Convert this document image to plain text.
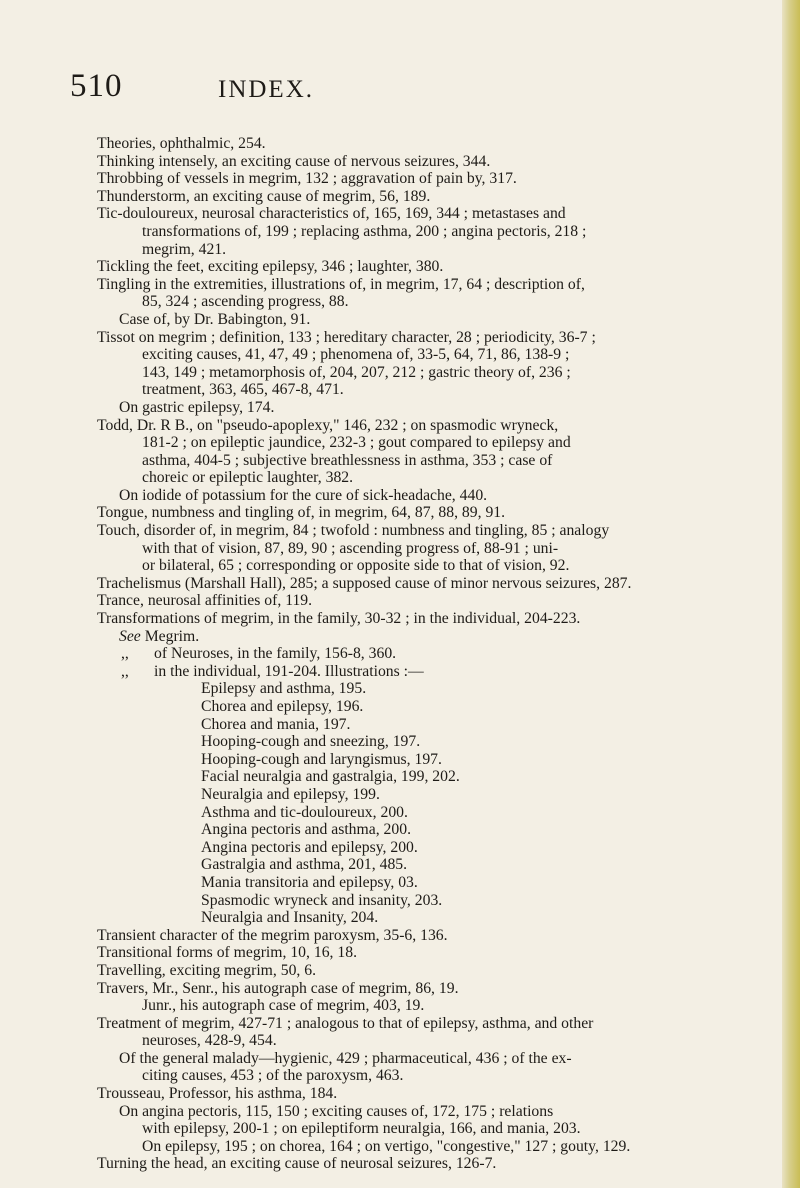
510	INDEX.
Theories, ophthalmic, 254.
Thinking intensely, an exciting cause of nervous seizures, 344.
Throbbing of vessels in megrim, 132 ; aggravation of pain by, 317.
Thunderstorm, an exciting cause of megrim, 56, 189.
Tic-douloureux, neurosal characteristics of, 165, 169, 344 ; metastases and
transformations of, 199 ; replacing asthma, 200 ; angina pectoris, 218 ;
megrim, 421.
Tickling the feet, exciting epilepsy, 346 ; laughter, 380.
Tingling in the extremities, illustrations of, in megrim, 17, 64 ; description of,
85, 324 ; ascending progress, 88.
Case of, by Dr. Babington, 91.
Tissot on megrim ; definition, 133 ; hereditary character, 28 ; periodicity, 36-7 ;
exciting causes, 41, 47, 49 ; phenomena of, 33-5, 64, 71, 86, 138-9 ;
143, 149 ; metamorphosis of, 204, 207, 212 ; gastric theory of, 236 ;
treatment, 363, 465, 467-8, 471.
On gastric epilepsy, 174.
Todd, Dr. R B., on "pseudo-apoplexy," 146, 232 ; on spasmodic wryneck,
181-2 ; on epileptic jaundice, 232-3 ; gout compared to epilepsy and
asthma, 404-5 ; subjective breathlessness in asthma, 353 ; case of
choreic or epileptic laughter, 382.
On iodide of potassium for the cure of sick-headache, 440.
Tongue, numbness and tingling of, in megrim, 64, 87, 88, 89, 91.
Touch, disorder of, in megrim, 84 ; twofold : numbness and tingling, 85 ; analogy
with that of vision, 87, 89, 90 ; ascending progress of, 88-91 ; uni-
or bilateral, 65 ; corresponding or opposite side to that of vision, 92.
Trachelismus (Marshall Hall), 285; a supposed cause of minor nervous seizures, 287.
Trance, neurosal affinities of, 119.
Transformations of megrim, in the family, 30-32 ; in the individual, 204-223.
See Megrim.
,, of Neuroses, in the family, 156-8, 360.
,, in the individual, 191-204. Illustrations :—
Epilepsy and asthma, 195.
Chorea and epilepsy, 196.
Chorea and mania, 197.
Hooping-cough and sneezing, 197.
Hooping-cough and laryngismus, 197.
Facial neuralgia and gastralgia, 199, 202.
Neuralgia and epilepsy, 199.
Asthma and tic-douloureux, 200.
Angina pectoris and asthma, 200.
Angina pectoris and epilepsy, 200.
Gastralgia and asthma, 201, 485.
Mania transitoria and epilepsy, 03.
Spasmodic wryneck and insanity, 203.
Neuralgia and Insanity, 204.
Transient character of the megrim paroxysm, 35-6, 136.
Transitional forms of megrim, 10, 16, 18.
Travelling, exciting megrim, 50, 6.
Travers, Mr., Senr., his autograph case of megrim, 86, 19.
Junr., his autograph case of megrim, 403, 19.
Treatment of megrim, 427-71 ; analogous to that of epilepsy, asthma, and other
neuroses, 428-9, 454.
Of the general malady—hygienic, 429 ; pharmaceutical, 436 ; of the ex-
citing causes, 453 ; of the paroxysm, 463.
Trousseau, Professor, his asthma, 184.
On angina pectoris, 115, 150 ; exciting causes of, 172, 175 ; relations
with epilepsy, 200-1 ; on epileptiform neuralgia, 166, and mania, 203.
On epilepsy, 195 ; on chorea, 164 ; on vertigo, "congestive," 127 ; gouty, 129.
Turning the head, an exciting cause of neurosal seizures, 126-7.
